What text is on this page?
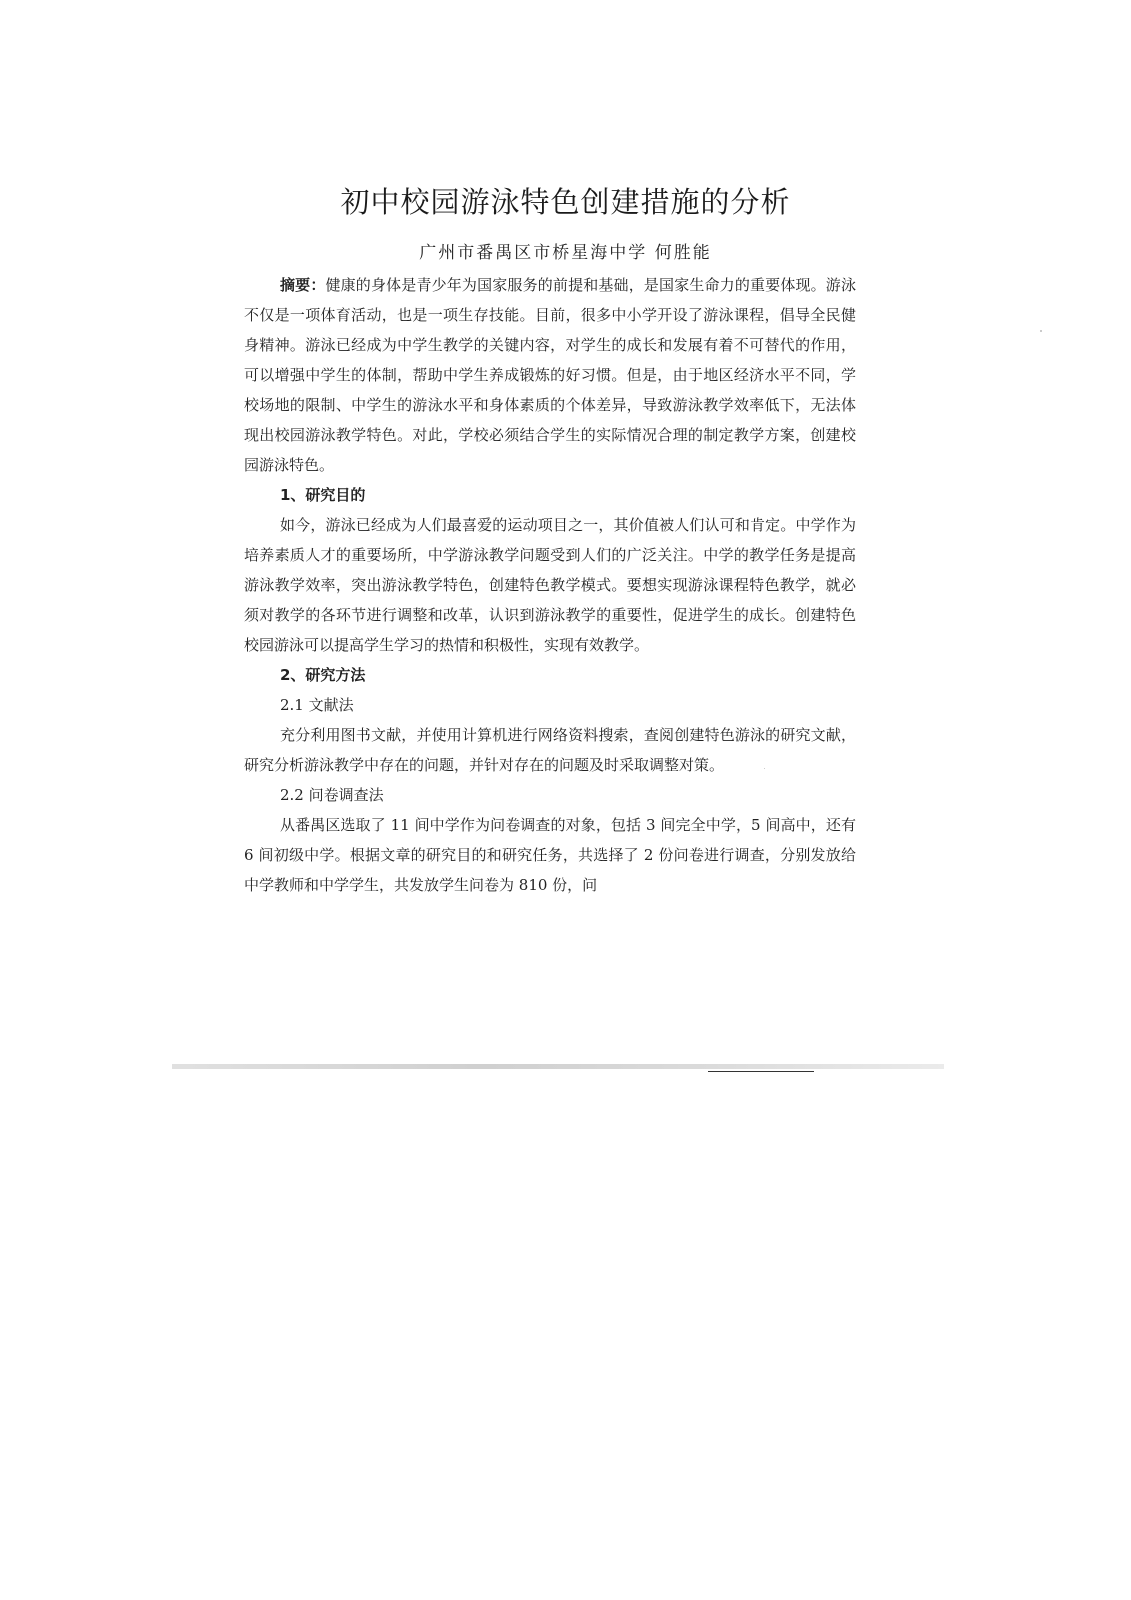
初中校园游泳特色创建措施的分析
广州市番禺区市桥星海中学 何胜能

摘要：健康的身体是青少年为国家服务的前提和基础，是国家生命力的重要体现。游泳不仅是一项体育活动，也是一项生存技能。目前，很多中小学开设了游泳课程，倡导全民健身精神。游泳已经成为中学生教学的关键内容，对学生的成长和发展有着不可替代的作用，可以增强中学生的体制，帮助中学生养成锻炼的好习惯。但是，由于地区经济水平不同，学校场地的限制、中学生的游泳水平和身体素质的个体差异，导致游泳教学效率低下，无法体现出校园游泳教学特色。对此，学校必须结合学生的实际情况合理的制定教学方案，创建校园游泳特色。

1、研究目的

如今，游泳已经成为人们最喜爱的运动项目之一，其价值被人们认可和肯定。中学作为培养素质人才的重要场所，中学游泳教学问题受到人们的广泛关注。中学的教学任务是提高游泳教学效率，突出游泳教学特色，创建特色教学模式。要想实现游泳课程特色教学，就必须对教学的各环节进行调整和改革，认识到游泳教学的重要性，促进学生的成长。创建特色校园游泳可以提高学生学习的热情和积极性，实现有效教学。

2、研究方法

2.1 文献法

充分利用图书文献，并使用计算机进行网络资料搜索，查阅创建特色游泳的研究文献，研究分析游泳教学中存在的问题，并针对存在的问题及时采取调整对策。

2.2 问卷调查法

从番禺区选取了 11 间中学作为问卷调查的对象，包括 3 间完全中学，5 间高中，还有 6 间初级中学。根据文章的研究目的和研究任务，共选择了 2 份问卷进行调查，分别发放给中学教师和中学学生，共发放学生问卷为 810 份，问
